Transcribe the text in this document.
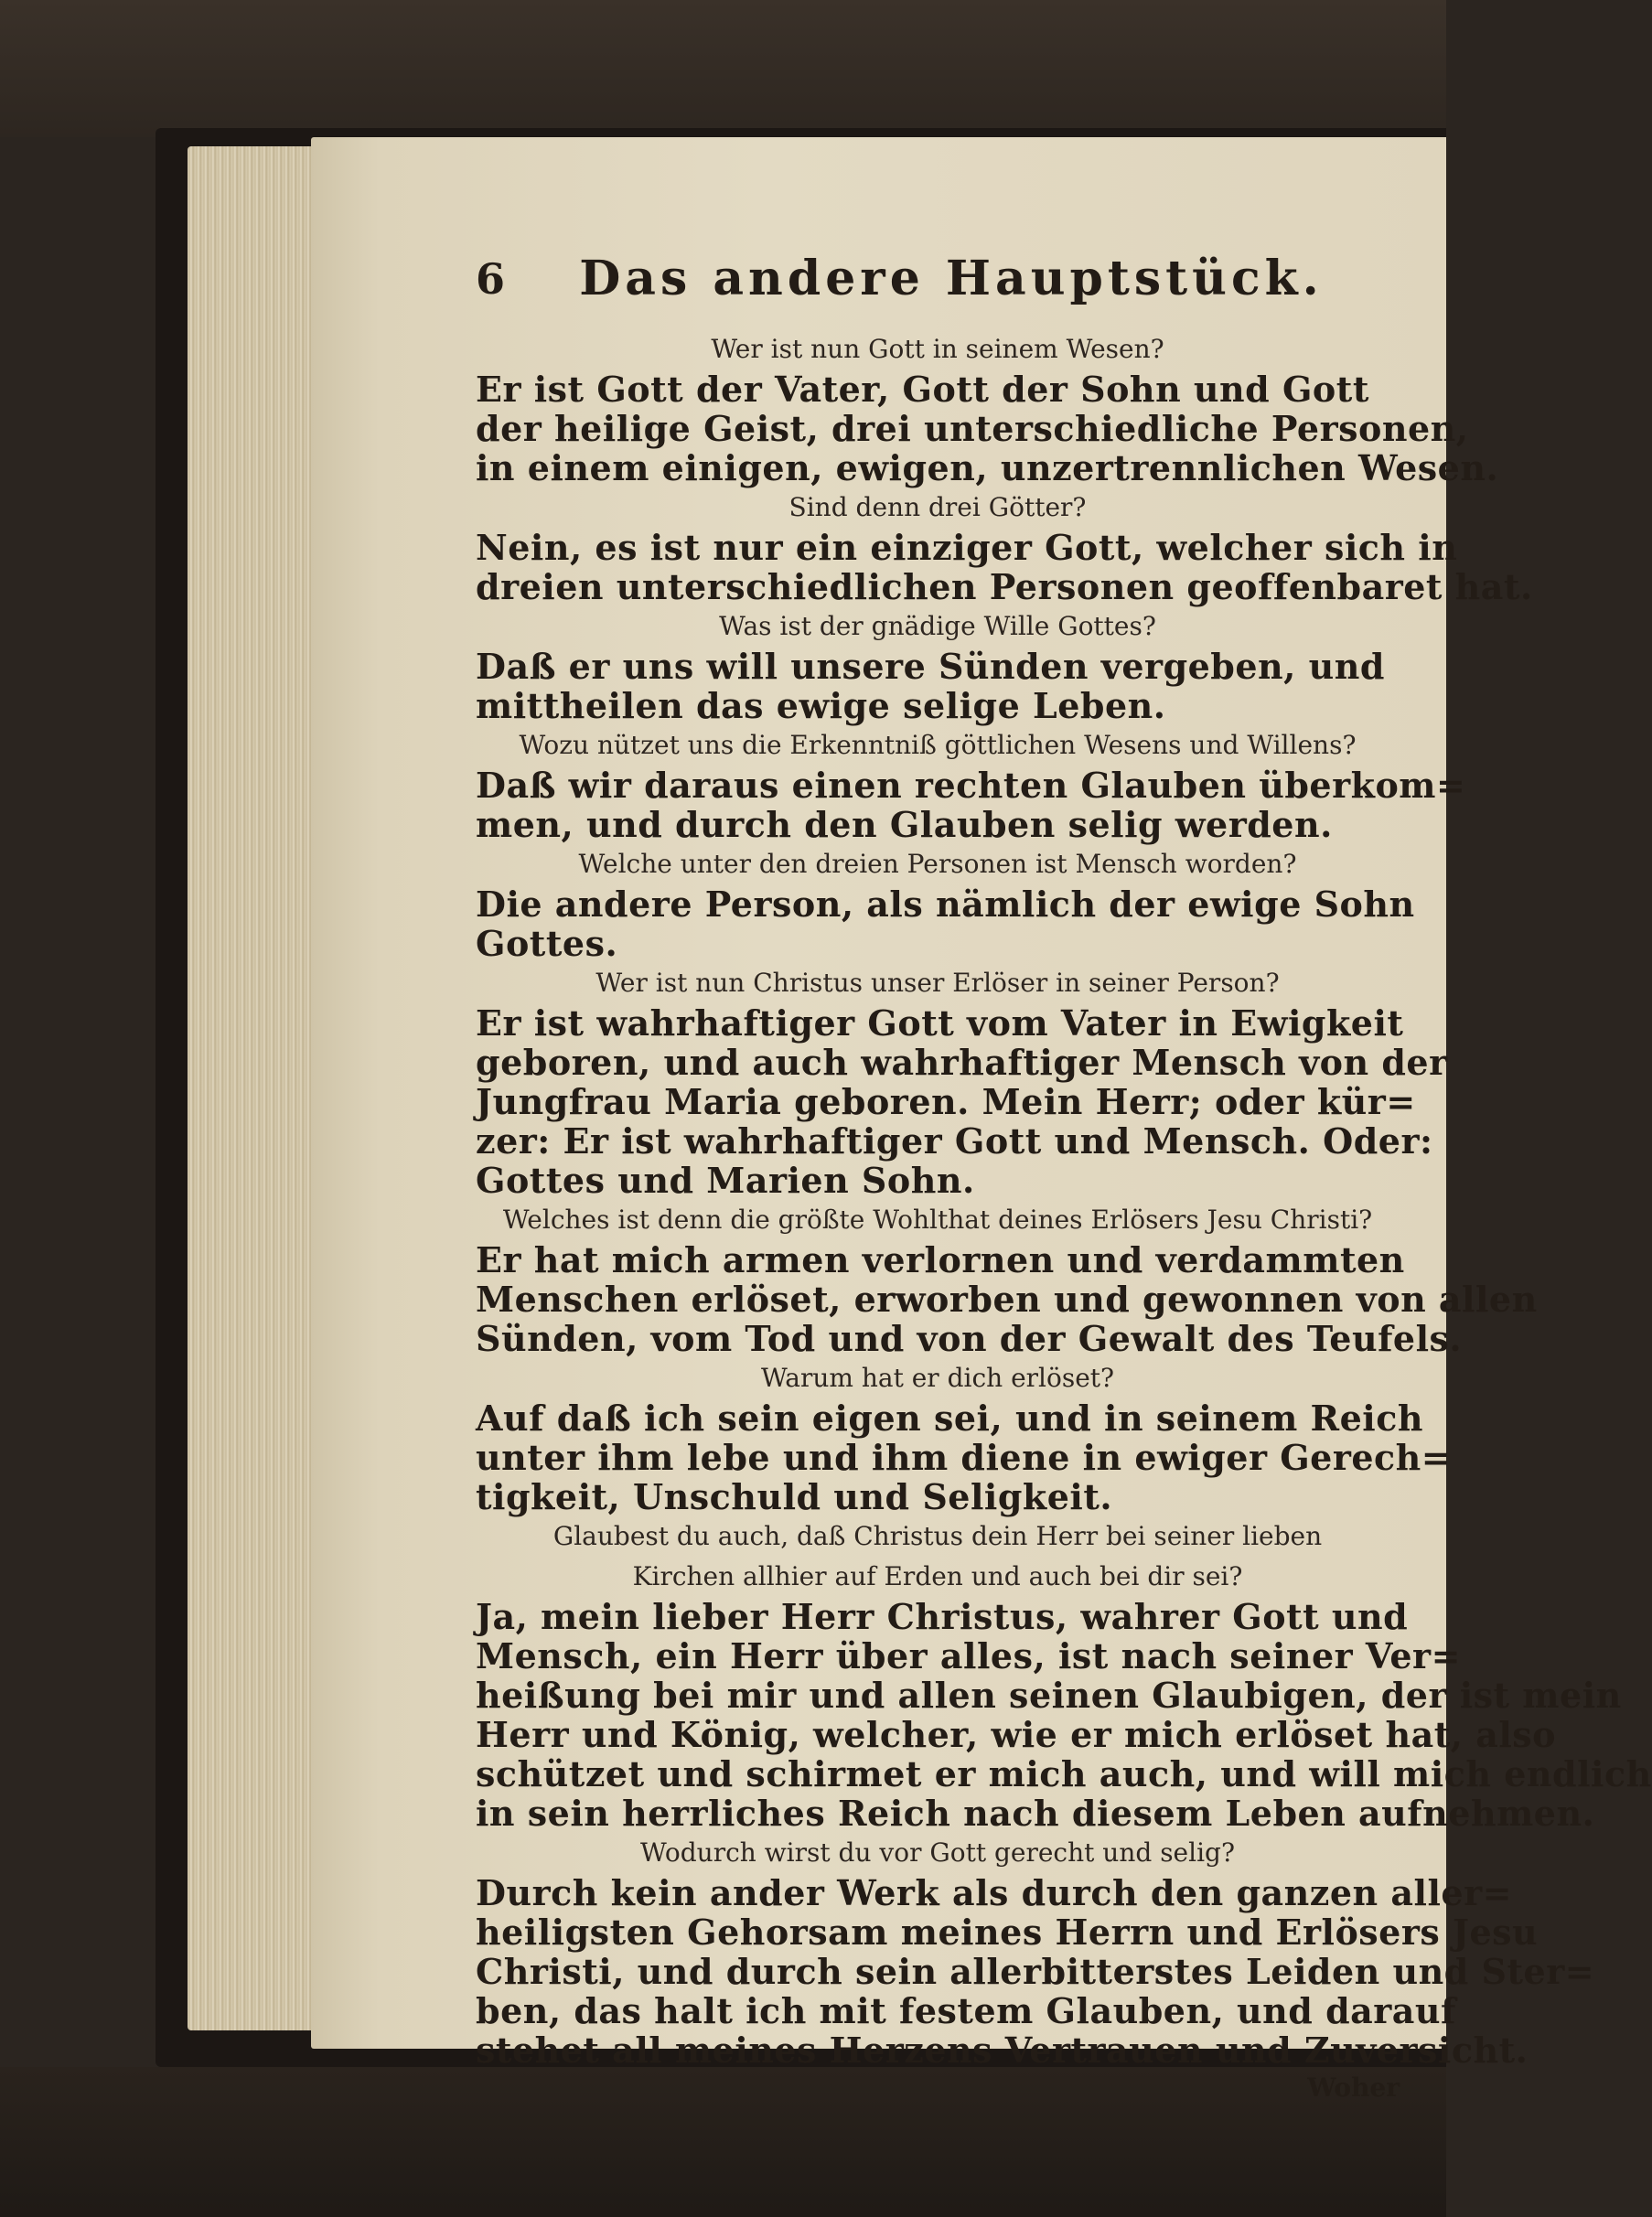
6	Das andere Hauptstück.
Wer ist nun Gott in seinem Wesen?
Er ist Gott der Vater, Gott der Sohn und Gott
der heilige Geist, drei unterschiedliche Personen,
in einem einigen, ewigen, unzertrennlichen Wesen.
Sind denn drei Götter?
Nein, es ist nur ein einziger Gott, welcher sich in
dreien unterschiedlichen Personen geoffenbaret hat.
Was ist der gnädige Wille Gottes?
Daß er uns will unsere Sünden vergeben, und
mittheilen das ewige selige Leben.
Wozu nützet uns die Erkenntniß göttlichen Wesens und Willens?
Daß wir daraus einen rechten Glauben überkom=
men, und durch den Glauben selig werden.
Welche unter den dreien Personen ist Mensch worden?
Die andere Person, als nämlich der ewige Sohn
Gottes.
Wer ist nun Christus unser Erlöser in seiner Person?
Er ist wahrhaftiger Gott vom Vater in Ewigkeit
geboren, und auch wahrhaftiger Mensch von der
Jungfrau Maria geboren. Mein Herr; oder kür=
zer: Er ist wahrhaftiger Gott und Mensch. Oder:
Gottes und Marien Sohn.
Welches ist denn die größte Wohlthat deines Erlösers Jesu Christi?
Er hat mich armen verlornen und verdammten
Menschen erlöset, erworben und gewonnen von allen
Sünden, vom Tod und von der Gewalt des Teufels.
Warum hat er dich erlöset?
Auf daß ich sein eigen sei, und in seinem Reich
unter ihm lebe und ihm diene in ewiger Gerech=
tigkeit, Unschuld und Seligkeit.
Glaubest du auch, daß Christus dein Herr bei seiner lieben
Kirchen allhier auf Erden und auch bei dir sei?
Ja, mein lieber Herr Christus, wahrer Gott und
Mensch, ein Herr über alles, ist nach seiner Ver=
heißung bei mir und allen seinen Glaubigen, der ist mein
Herr und König, welcher, wie er mich erlöset hat, also
schützet und schirmet er mich auch, und will mich endlich
in sein herrliches Reich nach diesem Leben aufnehmen.
Wodurch wirst du vor Gott gerecht und selig?
Durch kein ander Werk als durch den ganzen aller=
heiligsten Gehorsam meines Herrn und Erlösers Jesu
Christi, und durch sein allerbitterstes Leiden und Ster=
ben, das halt ich mit festem Glauben, und darauf
stehet all meines Herzens Vertrauen und Zuversicht.
Woher
